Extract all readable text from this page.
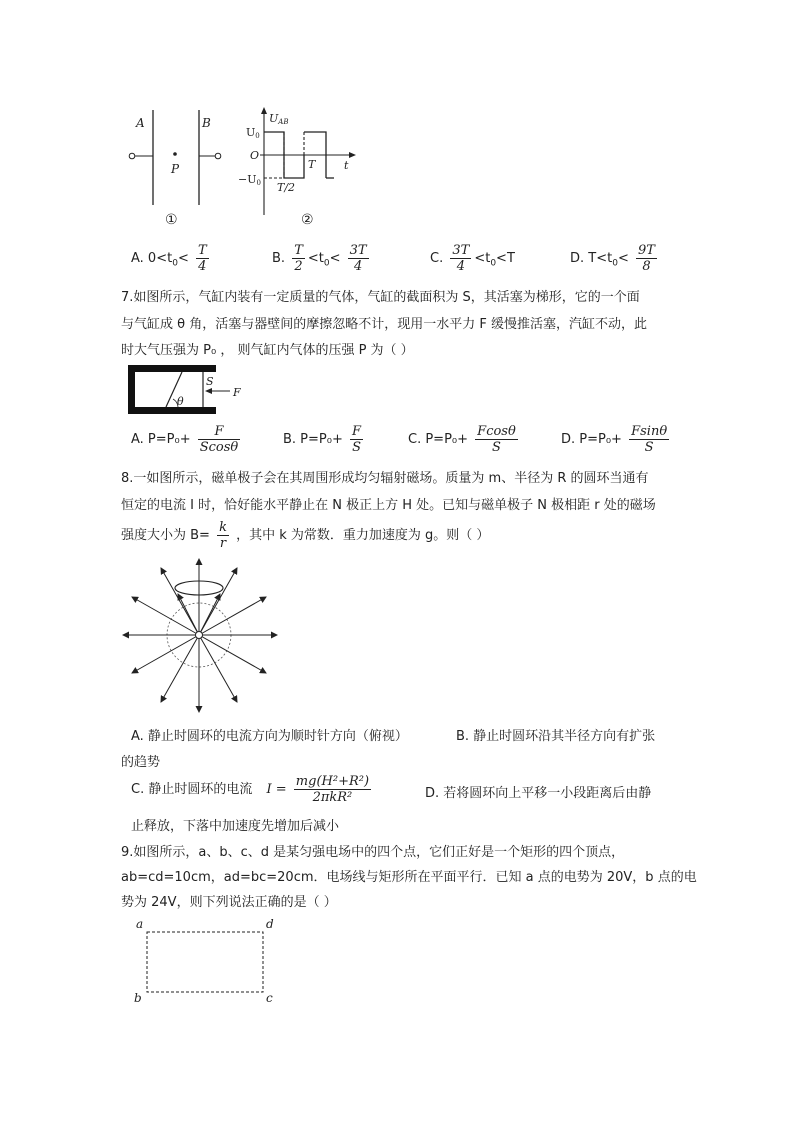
A	B
P
UAB
U0
O
−U0
T
T/2
t
①	②
A. $0<t_0< \frac{T}{4}$	B. $\frac{T}{2} <t_0< \frac{3T}{4}$	C. $\frac{3T}{4} <t_0<T$	D. $T<t_0< \frac{9T}{8}$
7.如图所示，气缸内装有一定质量的气体，气缸的截面积为 S，其活塞为梯形，它的一个面
与气缸成 θ 角，活塞与器壁间的摩擦忽略不计，现用一水平力 F 缓慢推活塞，汽缸不动，此
时大气压强为 P₀ ， 则气缸内气体的压强 P 为（ ）
S
F
θ
A. $P=P_0+ \frac{F}{Scos\theta}$	B. $P=P_0+ \frac{F}{S}$	C. $P=P_0+ \frac{Fcos\theta}{S}$	D. $P=P_0+ \frac{Fsin\theta}{S}$
8.一如图所示，磁单极子会在其周围形成均匀辐射磁场。质量为 m、半径为 R 的圆环当通有
恒定的电流 I 时，恰好能水平静止在 N 极正上方 H 处。已知与磁单极子 N 极相距 r 处的磁场
强度大小为 $B= \frac{k}{r}$ ，其中 k 为常数．重力加速度为 g。则（ ）
A. 静止时圆环的电流方向为顺时针方向（俯视）	B. 静止时圆环沿其半径方向有扩张
的趋势
C. 静止时圆环的电流 $I = \frac{\text{mg(H²+R²)}}{\text{2πkR²}}$	D. 若将圆环向上平移一小段距离后由静
止释放，下落中加速度先增加后减小
9.如图所示，a、b、c、d 是某匀强电场中的四个点，它们正好是一个矩形的四个顶点，
ab=cd=10cm，ad=bc=20cm．电场线与矩形所在平面平行．已知 a 点的电势为 20V，b 点的电
势为 24V，则下列说法正确的是（ ）
a	d
b	c
